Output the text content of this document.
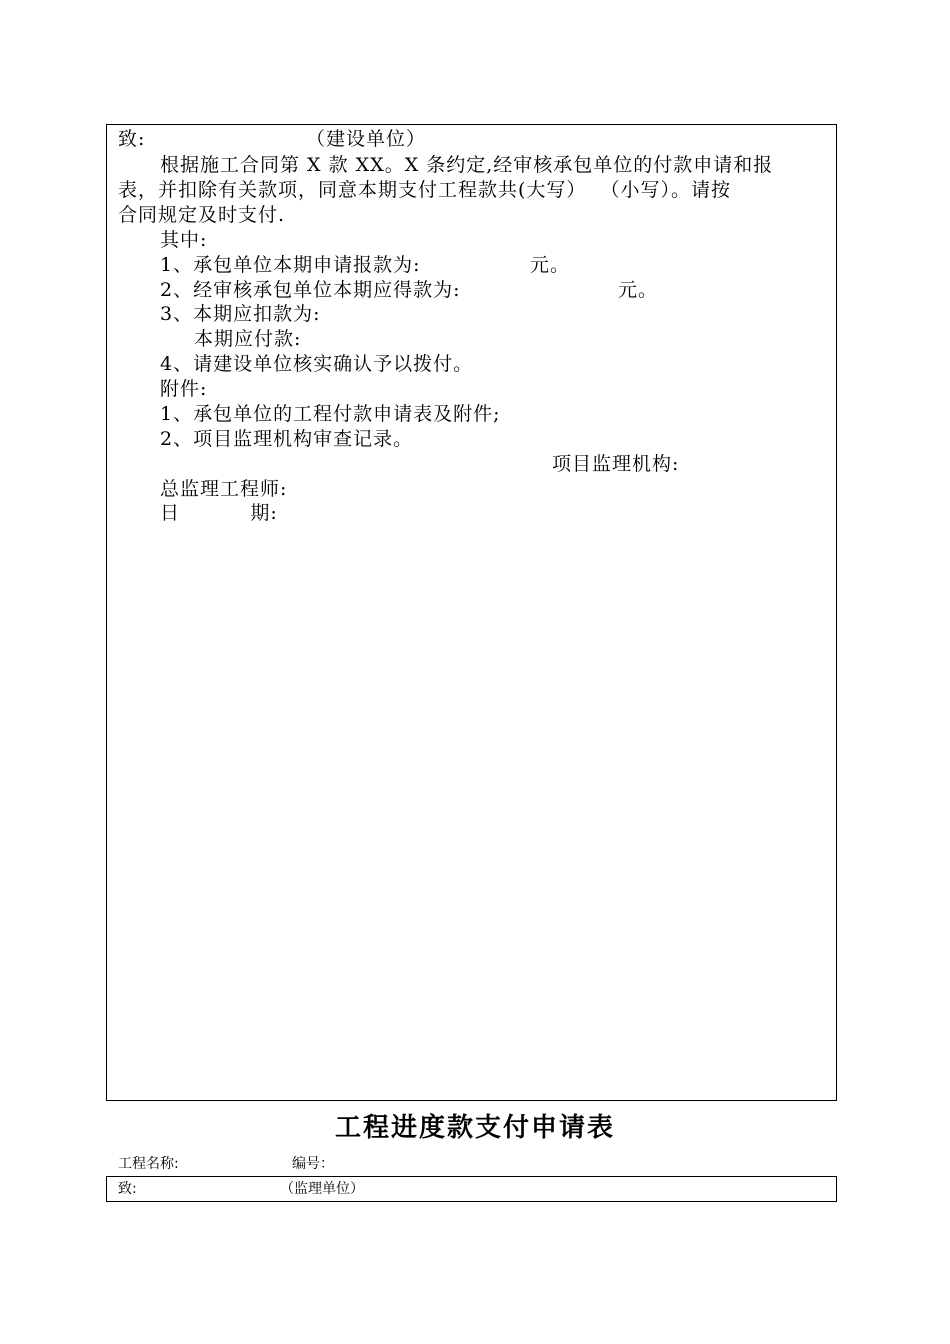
致:	（建设单位）
根据施工合同第 X 款 XX。X 条约定,经审核承包单位的付款申请和报
表，并扣除有关款项，同意本期支付工程款共(大写）  （小写）。请按
合同规定及时支付.
其中:
1、承包单位本期申请报款为:	元。
2、经审核承包单位本期应得款为:	元。
3、本期应扣款为:
本期应付款:
4、请建设单位核实确认予以拨付。
附件:
1、承包单位的工程付款申请表及附件;
2、项目监理机构审查记录。
项目监理机构:
总监理工程师:
日          期:
工程进度款支付申请表
工程名称:	编号：
致:	（监理单位）
